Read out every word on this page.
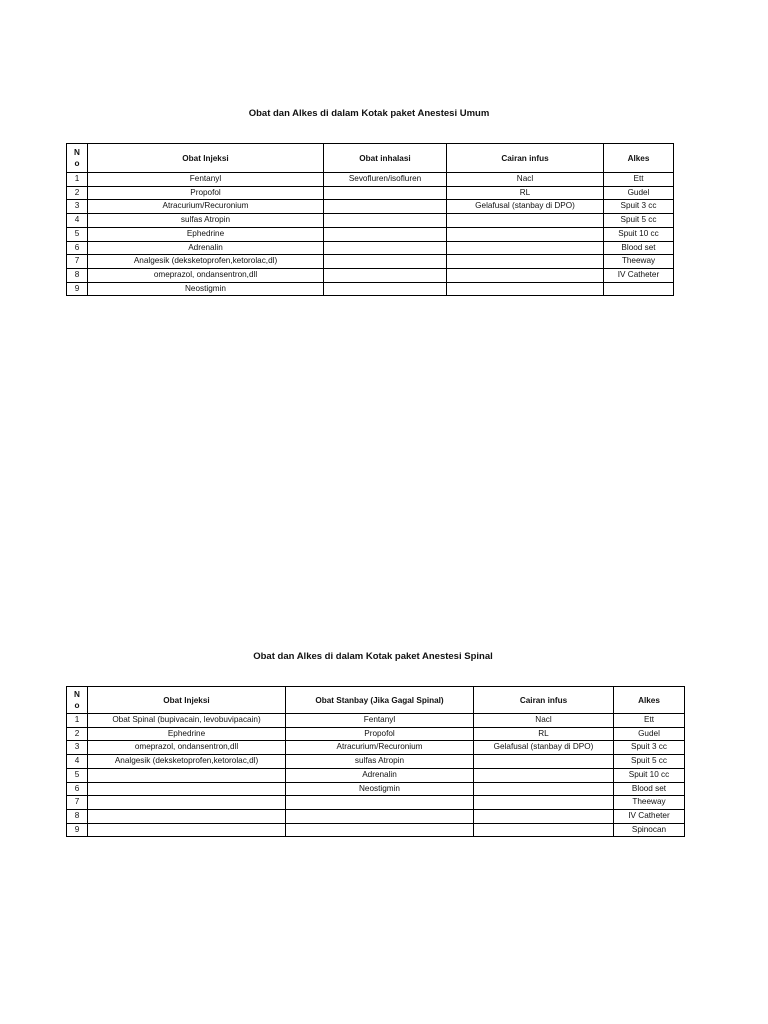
Obat dan Alkes di dalam Kotak paket Anestesi Umum
N
o	Obat Injeksi	Obat inhalasi	Cairan infus	Alkes
1	Fentanyl	Sevofluren/isofluren	Nacl	Ett
2	Propofol		RL	Gudel
3	Atracurium/Recuronium		Gelafusal (stanbay di DPO)	Spuit 3 cc
4	sulfas Atropin			Spuit 5 cc
5	Ephedrine			Spuit 10 cc
6	Adrenalin			Blood set
7	Analgesik (deksketoprofen,ketorolac,dl)			Theeway
8	omeprazol, ondansentron,dll			IV Catheter
9	Neostigmin			
Obat dan Alkes di dalam Kotak paket Anestesi Spinal
N
o	Obat Injeksi	Obat Stanbay (Jika Gagal Spinal)	Cairan infus	Alkes
1	Obat Spinal (bupivacain, levobuvipacain)	Fentanyl	Nacl	Ett
2	Ephedrine	Propofol	RL	Gudel
3	omeprazol, ondansentron,dll	Atracurium/Recuronium	Gelafusal (stanbay di DPO)	Spuit 3 cc
4	Analgesik (deksketoprofen,ketorolac,dl)	sulfas Atropin		Spuit 5 cc
5		Adrenalin		Spuit 10 cc
6		Neostigmin		Blood set
7				Theeway
8				IV Catheter
9				Spinocan
